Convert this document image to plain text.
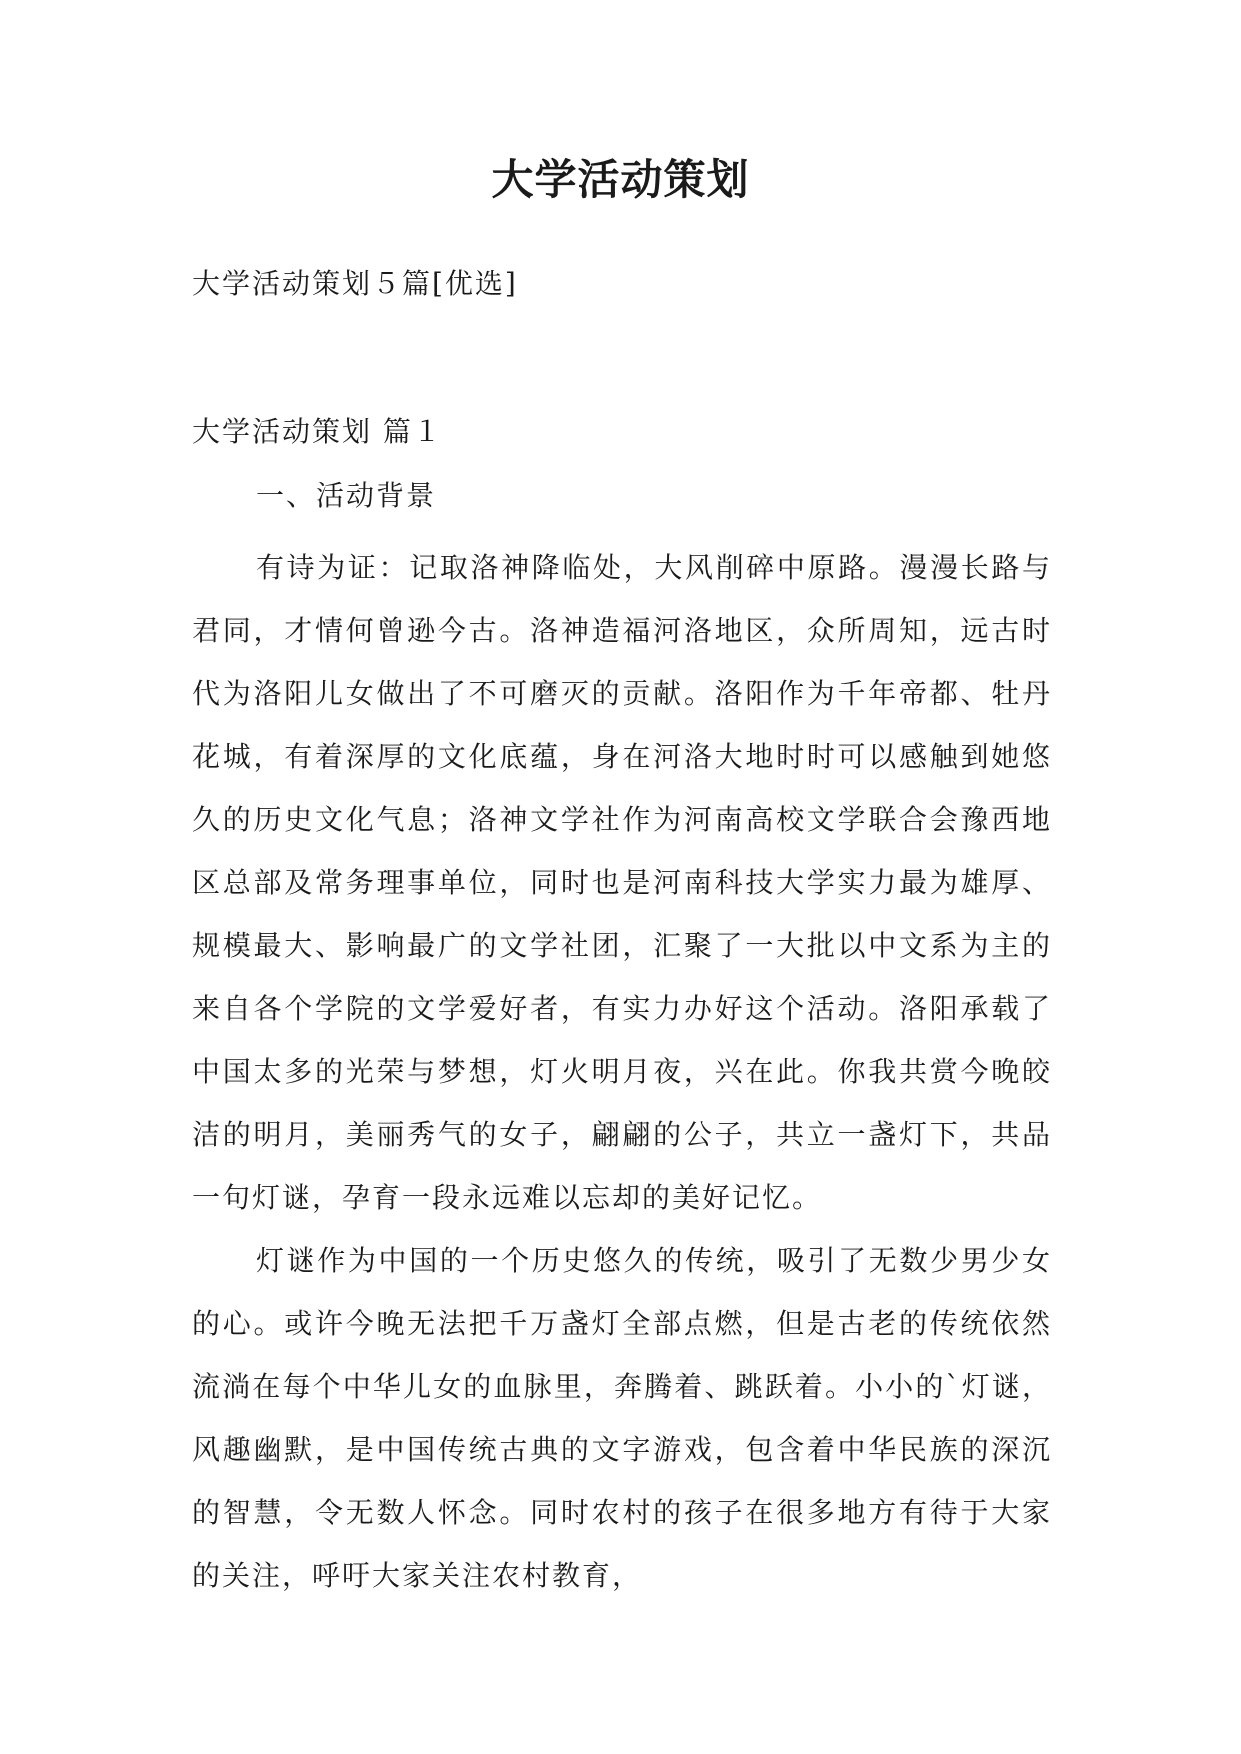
大学活动策划

大学活动策划５篇[优选]

大学活动策划 篇１

一、活动背景

有诗为证：记取洛神降临处，大风削碎中原路。漫漫长路与君同，才情何曾逊今古。洛神造福河洛地区，众所周知，远古时代为洛阳儿女做出了不可磨灭的贡献。洛阳作为千年帝都、牡丹花城，有着深厚的文化底蕴，身在河洛大地时时可以感触到她悠久的历史文化气息；洛神文学社作为河南高校文学联合会豫西地区总部及常务理事单位，同时也是河南科技大学实力最为雄厚、规模最大、影响最广的文学社团，汇聚了一大批以中文系为主的来自各个学院的文学爱好者，有实力办好这个活动。洛阳承载了中国太多的光荣与梦想，灯火明月夜，兴在此。你我共赏今晚皎洁的明月，美丽秀气的女子，翩翩的公子，共立一盏灯下，共品一句灯谜，孕育一段永远难以忘却的美好记忆。

灯谜作为中国的一个历史悠久的传统，吸引了无数少男少女的心。或许今晚无法把千万盏灯全部点燃，但是古老的传统依然流淌在每个中华儿女的血脉里，奔腾着、跳跃着。小小的`灯谜，风趣幽默，是中国传统古典的文字游戏，包含着中华民族的深沉的智慧，令无数人怀念。同时农村的孩子在很多地方有待于大家的关注，呼吁大家关注农村教育，
